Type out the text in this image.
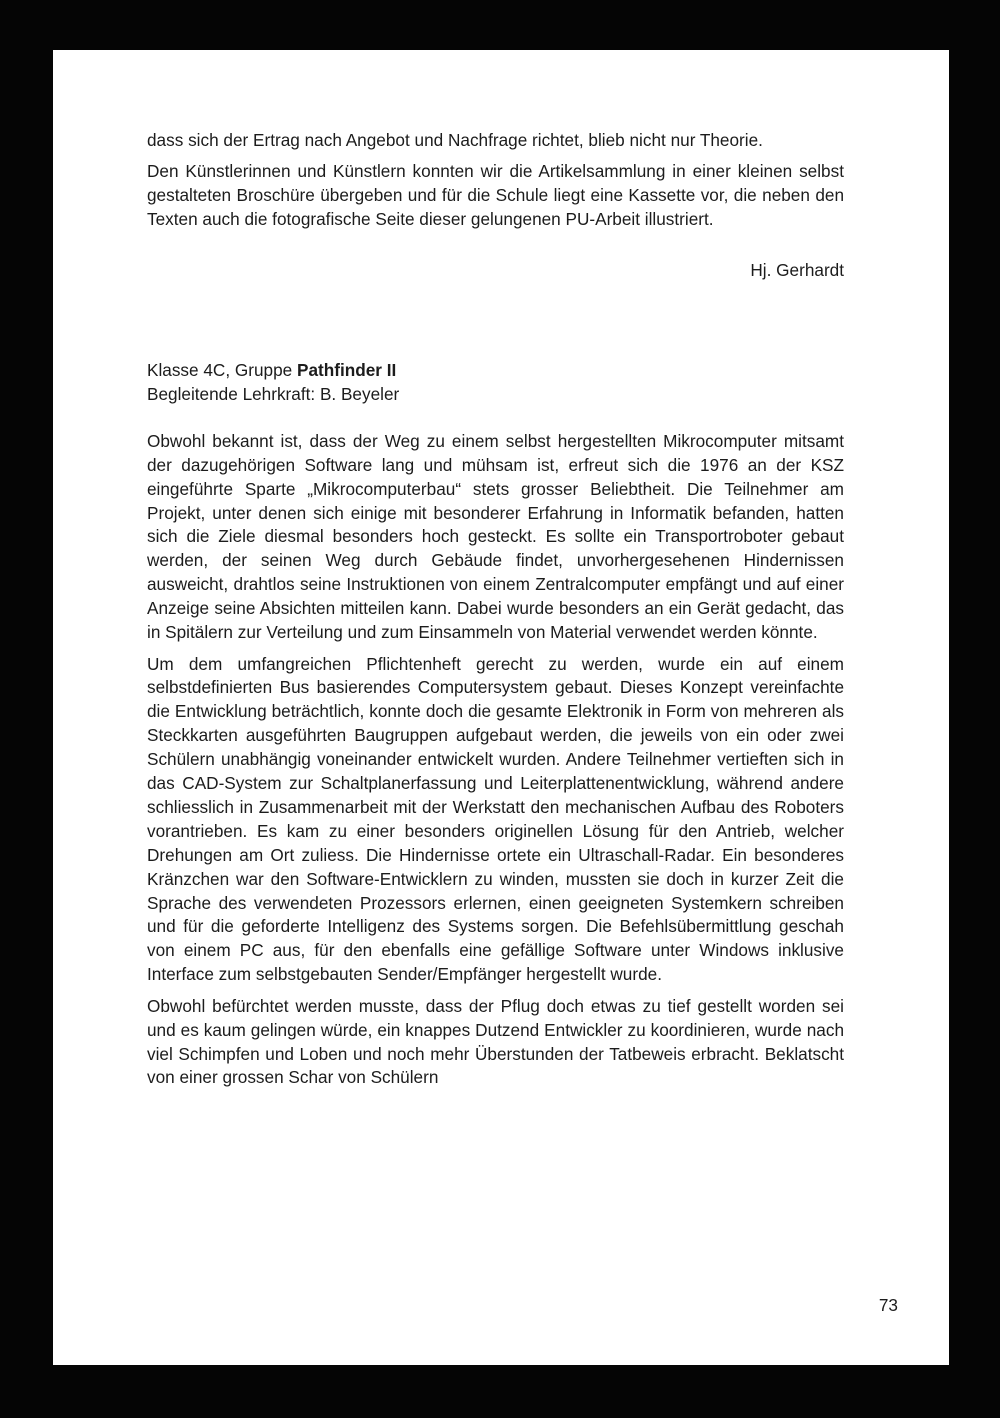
dass sich der Ertrag nach Angebot und Nachfrage richtet, blieb nicht nur Theorie.

Den Künstlerinnen und Künstlern konnten wir die Artikelsammlung in einer kleinen selbst gestalteten Broschüre übergeben und für die Schule liegt eine Kassette vor, die neben den Texten auch die fotografische Seite dieser gelungenen PU-Arbeit illustriert.

Hj. Gerhardt

Klasse 4C, Gruppe Pathfinder II
Begleitende Lehrkraft: B. Beyeler

Obwohl bekannt ist, dass der Weg zu einem selbst hergestellten Mikrocomputer mitsamt der dazugehörigen Software lang und mühsam ist, erfreut sich die 1976 an der KSZ eingeführte Sparte „Mikrocomputerbau“ stets grosser Beliebtheit. Die Teilnehmer am Projekt, unter denen sich einige mit besonderer Erfahrung in Informatik befanden, hatten sich die Ziele diesmal besonders hoch gesteckt. Es sollte ein Transportroboter gebaut werden, der seinen Weg durch Gebäude findet, unvorhergesehenen Hindernissen ausweicht, drahtlos seine Instruktionen von einem Zentralcomputer empfängt und auf einer Anzeige seine Absichten mitteilen kann. Dabei wurde besonders an ein Gerät gedacht, das in Spitälern zur Verteilung und zum Einsammeln von Material verwendet werden könnte.

Um dem umfangreichen Pflichtenheft gerecht zu werden, wurde ein auf einem selbstdefinierten Bus basierendes Computersystem gebaut. Dieses Konzept vereinfachte die Entwicklung beträchtlich, konnte doch die gesamte Elektronik in Form von mehreren als Steckkarten ausgeführten Baugruppen aufgebaut werden, die jeweils von ein oder zwei Schülern unabhängig voneinander entwickelt wurden. Andere Teilnehmer vertieften sich in das CAD-System zur Schaltplanerfassung und Leiterplattenentwicklung, während andere schliesslich in Zusammenarbeit mit der Werkstatt den mechanischen Aufbau des Roboters vorantrieben. Es kam zu einer besonders originellen Lösung für den Antrieb, welcher Drehungen am Ort zuliess. Die Hindernisse ortete ein Ultraschall-Radar. Ein besonderes Kränzchen war den Software-Entwicklern zu winden, mussten sie doch in kurzer Zeit die Sprache des verwendeten Prozessors erlernen, einen geeigneten Systemkern schreiben und für die geforderte Intelligenz des Systems sorgen. Die Befehlsübermittlung geschah von einem PC aus, für den ebenfalls eine gefällige Software unter Windows inklusive Interface zum selbstgebauten Sender/Empfänger hergestellt wurde.

Obwohl befürchtet werden musste, dass der Pflug doch etwas zu tief gestellt worden sei und es kaum gelingen würde, ein knappes Dutzend Entwickler zu koordinieren, wurde nach viel Schimpfen und Loben und noch mehr Überstunden der Tatbeweis erbracht. Beklatscht von einer grossen Schar von Schülern

73
